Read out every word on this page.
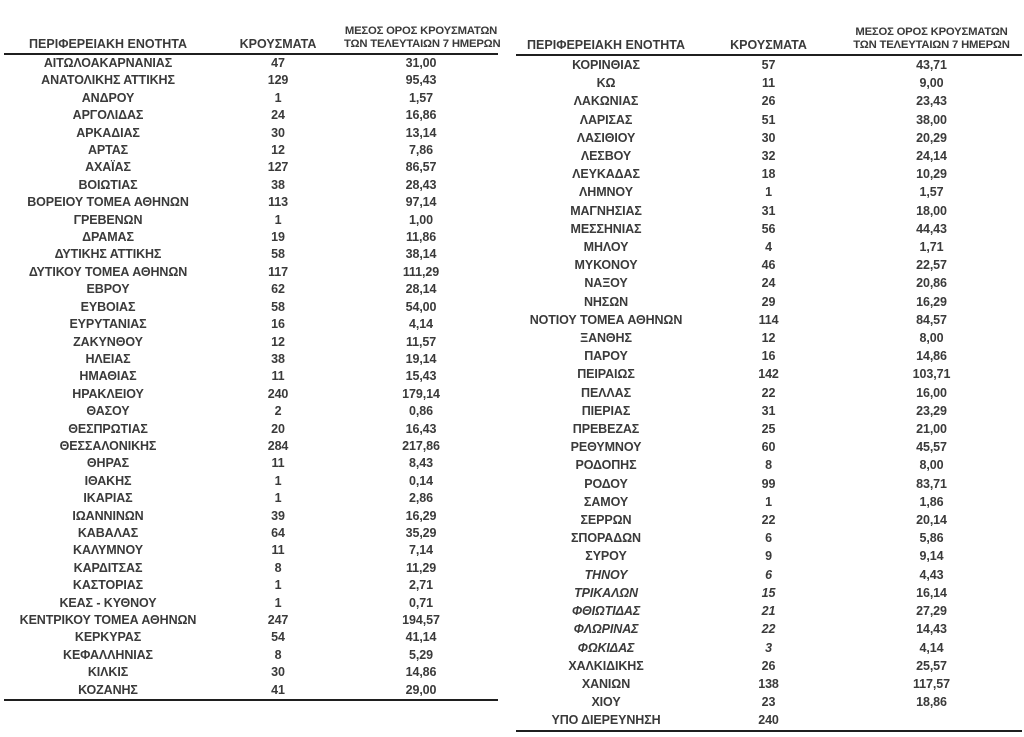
ΠΕΡΙΦΕΡΕΙΑΚΗ ΕΝΟΤΗΤΑ	ΚΡΟΥΣΜΑΤΑ	ΜΕΣΟΣ ΟΡΟΣ ΚΡΟΥΣΜΑΤΩΝ
ΤΩΝ ΤΕΛΕΥΤΑΙΩΝ 7 ΗΜΕΡΩΝ

ΑΙΤΩΛΟΑΚΑΡΝΑΝΙΑΣ	47	31,00
ΑΝΑΤΟΛΙΚΗΣ ΑΤΤΙΚΗΣ	129	95,43
ΑΝΔΡΟΥ	1	1,57
ΑΡΓΟΛΙΔΑΣ	24	16,86
ΑΡΚΑΔΙΑΣ	30	13,14
ΑΡΤΑΣ	12	7,86
ΑΧΑΪΑΣ	127	86,57
ΒΟΙΩΤΙΑΣ	38	28,43
ΒΟΡΕΙΟΥ ΤΟΜΕΑ ΑΘΗΝΩΝ	113	97,14
ΓΡΕΒΕΝΩΝ	1	1,00
ΔΡΑΜΑΣ	19	11,86
ΔΥΤΙΚΗΣ ΑΤΤΙΚΗΣ	58	38,14
ΔΥΤΙΚΟΥ ΤΟΜΕΑ ΑΘΗΝΩΝ	117	111,29
ΕΒΡΟΥ	62	28,14
ΕΥΒΟΙΑΣ	58	54,00
ΕΥΡΥΤΑΝΙΑΣ	16	4,14
ΖΑΚΥΝΘΟΥ	12	11,57
ΗΛΕΙΑΣ	38	19,14
ΗΜΑΘΙΑΣ	11	15,43
ΗΡΑΚΛΕΙΟΥ	240	179,14
ΘΑΣΟΥ	2	0,86
ΘΕΣΠΡΩΤΙΑΣ	20	16,43
ΘΕΣΣΑΛΟΝΙΚΗΣ	284	217,86
ΘΗΡΑΣ	11	8,43
ΙΘΑΚΗΣ	1	0,14
ΙΚΑΡΙΑΣ	1	2,86
ΙΩΑΝΝΙΝΩΝ	39	16,29
ΚΑΒΑΛΑΣ	64	35,29
ΚΑΛΥΜΝΟΥ	11	7,14
ΚΑΡΔΙΤΣΑΣ	8	11,29
ΚΑΣΤΟΡΙΑΣ	1	2,71
ΚΕΑΣ - ΚΥΘΝΟΥ	1	0,71
ΚΕΝΤΡΙΚΟΥ ΤΟΜΕΑ ΑΘΗΝΩΝ	247	194,57
ΚΕΡΚΥΡΑΣ	54	41,14
ΚΕΦΑΛΛΗΝΙΑΣ	8	5,29
ΚΙΛΚΙΣ	30	14,86
ΚΟΖΑΝΗΣ	41	29,00
ΠΕΡΙΦΕΡΕΙΑΚΗ ΕΝΟΤΗΤΑ	ΚΡΟΥΣΜΑΤΑ	ΜΕΣΟΣ ΟΡΟΣ ΚΡΟΥΣΜΑΤΩΝ
ΤΩΝ ΤΕΛΕΥΤΑΙΩΝ 7 ΗΜΕΡΩΝ

ΚΟΡΙΝΘΙΑΣ	57	43,71
ΚΩ	11	9,00
ΛΑΚΩΝΙΑΣ	26	23,43
ΛΑΡΙΣΑΣ	51	38,00
ΛΑΣΙΘΙΟΥ	30	20,29
ΛΕΣΒΟΥ	32	24,14
ΛΕΥΚΑΔΑΣ	18	10,29
ΛΗΜΝΟΥ	1	1,57
ΜΑΓΝΗΣΙΑΣ	31	18,00
ΜΕΣΣΗΝΙΑΣ	56	44,43
ΜΗΛΟΥ	4	1,71
ΜΥΚΟΝΟΥ	46	22,57
ΝΑΞΟΥ	24	20,86
ΝΗΣΩΝ	29	16,29
ΝΟΤΙΟΥ ΤΟΜΕΑ ΑΘΗΝΩΝ	114	84,57
ΞΑΝΘΗΣ	12	8,00
ΠΑΡΟΥ	16	14,86
ΠΕΙΡΑΙΩΣ	142	103,71
ΠΕΛΛΑΣ	22	16,00
ΠΙΕΡΙΑΣ	31	23,29
ΠΡΕΒΕΖΑΣ	25	21,00
ΡΕΘΥΜΝΟΥ	60	45,57
ΡΟΔΟΠΗΣ	8	8,00
ΡΟΔΟΥ	99	83,71
ΣΑΜΟΥ	1	1,86
ΣΕΡΡΩΝ	22	20,14
ΣΠΟΡΑΔΩΝ	6	5,86
ΣΥΡΟΥ	9	9,14
ΤΗΝΟΥ	6	4,43
ΤΡΙΚΑΛΩΝ	15	16,14
ΦΘΙΩΤΙΔΑΣ	21	27,29
ΦΛΩΡΙΝΑΣ	22	14,43
ΦΩΚΙΔΑΣ	3	4,14
ΧΑΛΚΙΔΙΚΗΣ	26	25,57
ΧΑΝΙΩΝ	138	117,57
ΧΙΟΥ	23	18,86
ΥΠΟ ΔΙΕΡΕΥΝΗΣΗ	240	
